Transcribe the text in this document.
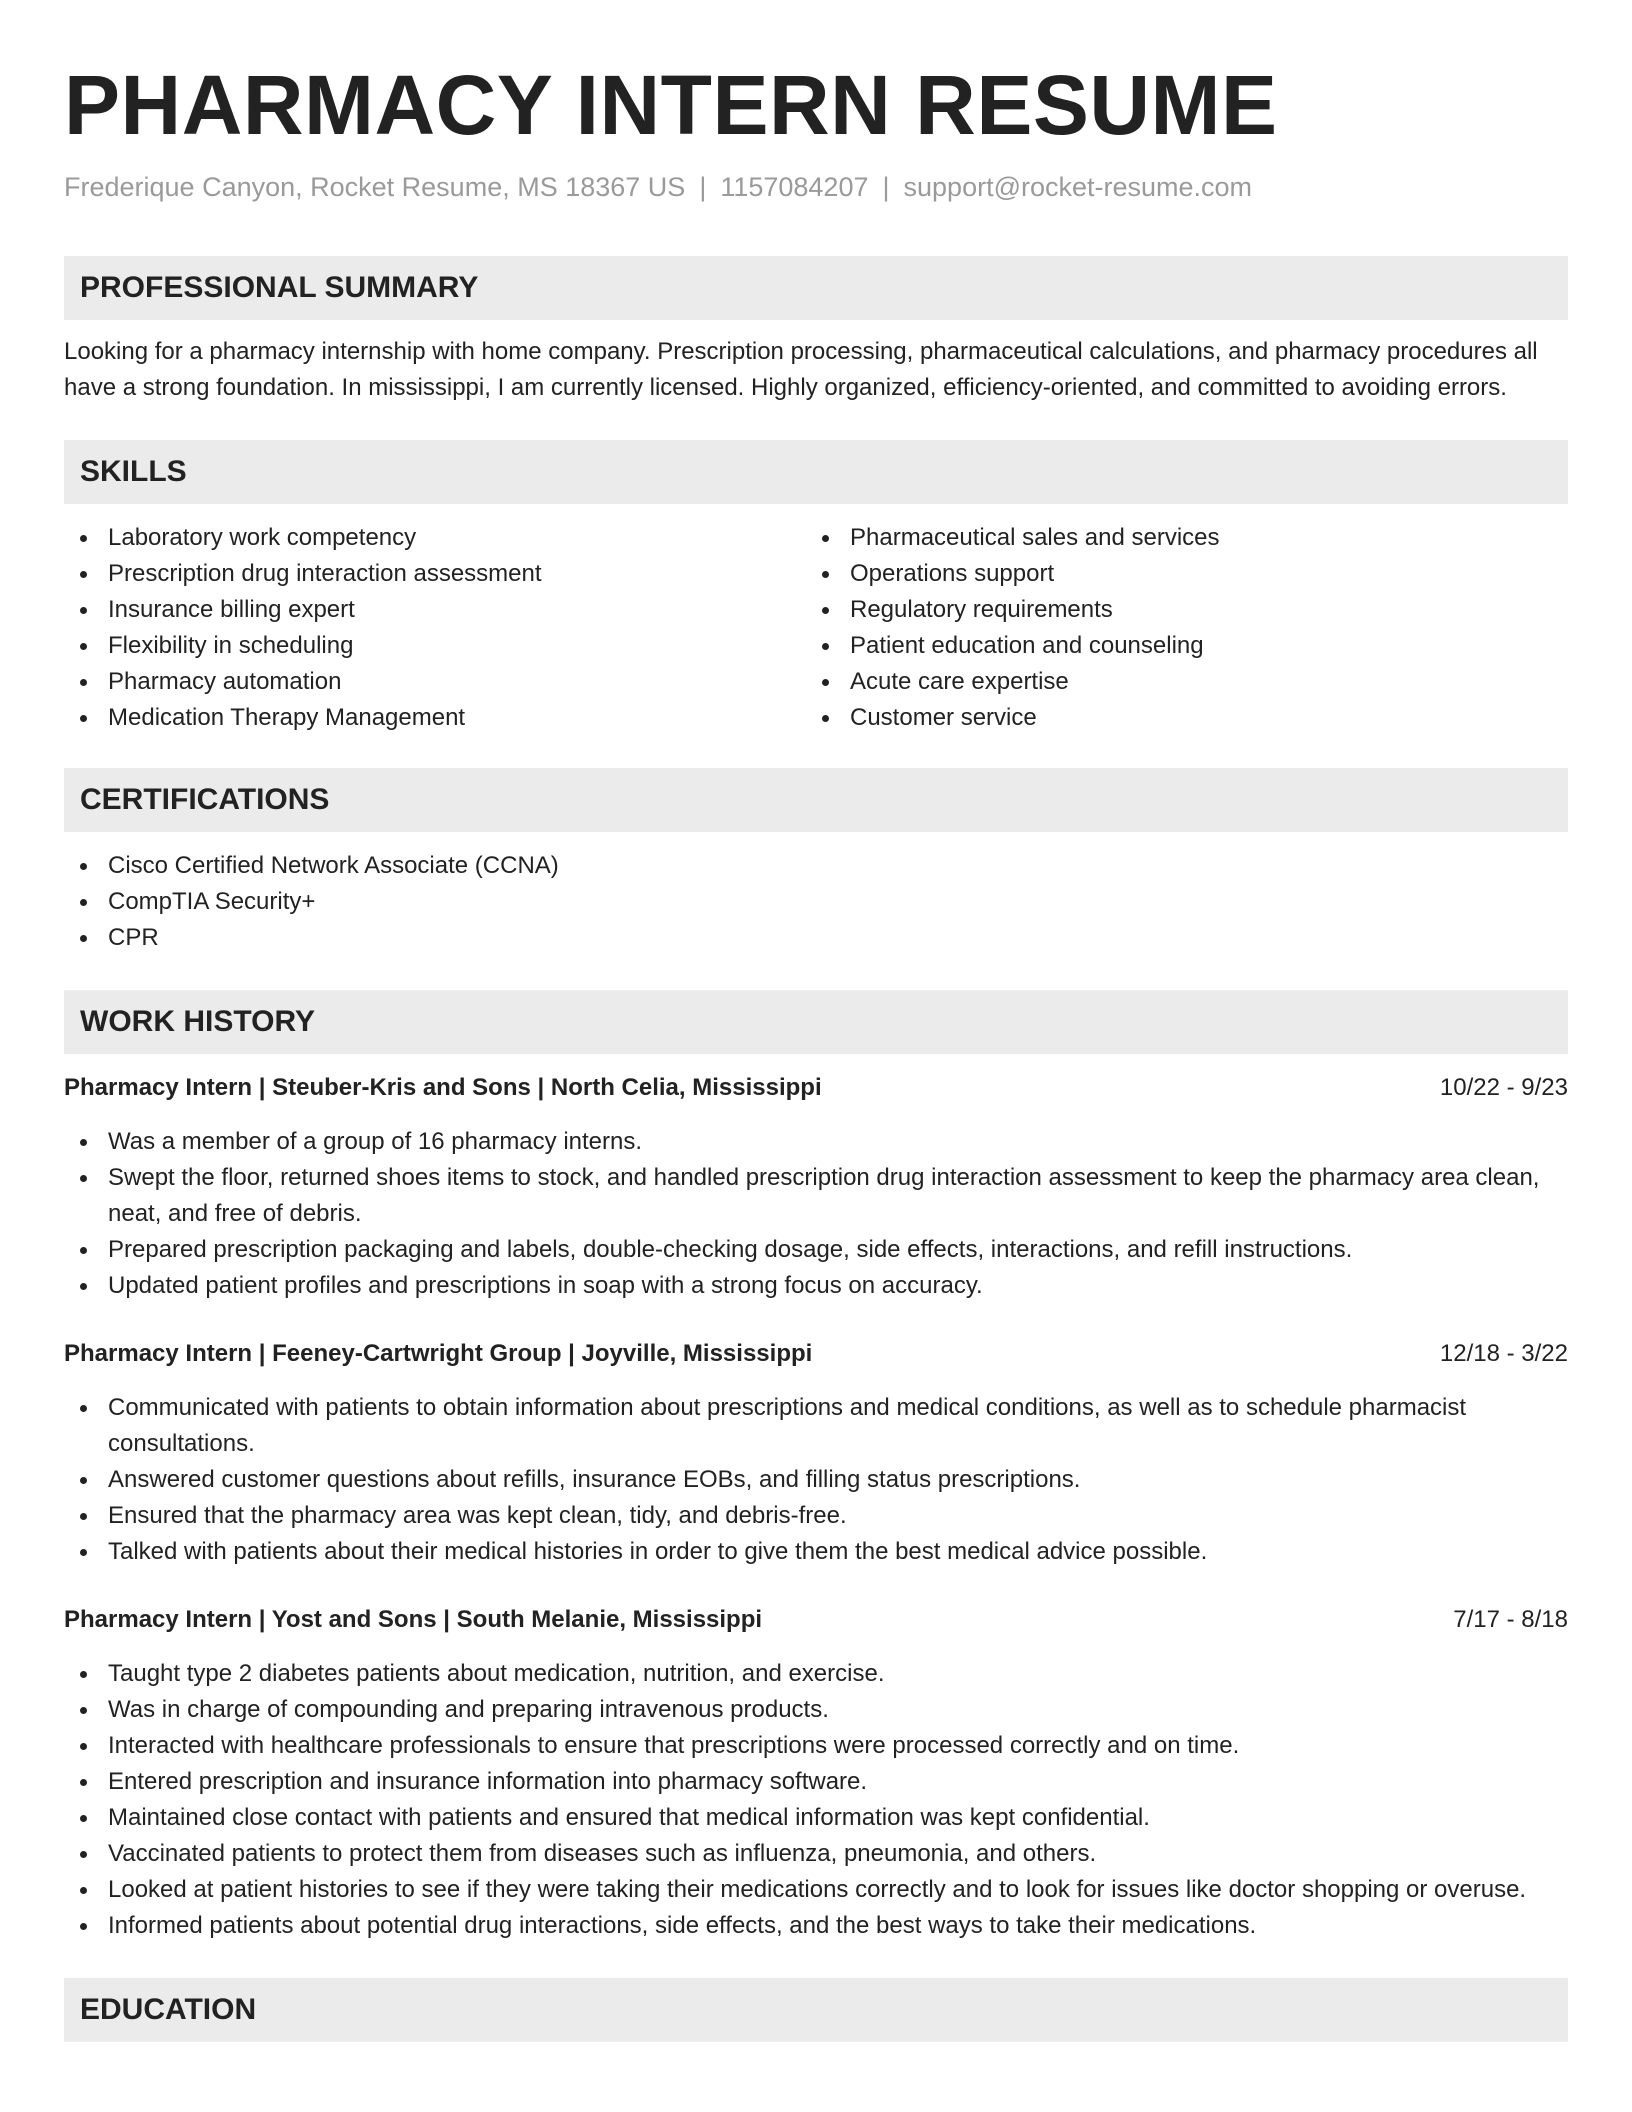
PHARMACY INTERN RESUME
Frederique Canyon, Rocket Resume, MS 18367 US | 1157084207 | support@rocket-resume.com
PROFESSIONAL SUMMARY

Looking for a pharmacy internship with home company. Prescription processing, pharmaceutical calculations, and pharmacy procedures all have a strong foundation. In mississippi, I am currently licensed. Highly organized, efficiency-oriented, and committed to avoiding errors.

SKILLS
Laboratory work competency
Prescription drug interaction assessment
Insurance billing expert
Flexibility in scheduling
Pharmacy automation
Medication Therapy Management
Pharmaceutical sales and services
Operations support
Regulatory requirements
Patient education and counseling
Acute care expertise
Customer service
CERTIFICATIONS
Cisco Certified Network Associate (CCNA)
CompTIA Security+
CPR
WORK HISTORY
Pharmacy Intern | Steuber-Kris and Sons | North Celia, Mississippi	10/22 - 9/23
Was a member of a group of 16 pharmacy interns.
Swept the floor, returned shoes items to stock, and handled prescription drug interaction assessment to keep the pharmacy area clean, neat, and free of debris.
Prepared prescription packaging and labels, double-checking dosage, side effects, interactions, and refill instructions.
Updated patient profiles and prescriptions in soap with a strong focus on accuracy.
Pharmacy Intern | Feeney-Cartwright Group | Joyville, Mississippi	12/18 - 3/22
Communicated with patients to obtain information about prescriptions and medical conditions, as well as to schedule pharmacist consultations.
Answered customer questions about refills, insurance EOBs, and filling status prescriptions.
Ensured that the pharmacy area was kept clean, tidy, and debris-free.
Talked with patients about their medical histories in order to give them the best medical advice possible.
Pharmacy Intern | Yost and Sons | South Melanie, Mississippi	7/17 - 8/18
Taught type 2 diabetes patients about medication, nutrition, and exercise.
Was in charge of compounding and preparing intravenous products.
Interacted with healthcare professionals to ensure that prescriptions were processed correctly and on time.
Entered prescription and insurance information into pharmacy software.
Maintained close contact with patients and ensured that medical information was kept confidential.
Vaccinated patients to protect them from diseases such as influenza, pneumonia, and others.
Looked at patient histories to see if they were taking their medications correctly and to look for issues like doctor shopping or overuse.
Informed patients about potential drug interactions, side effects, and the best ways to take their medications.
EDUCATION
